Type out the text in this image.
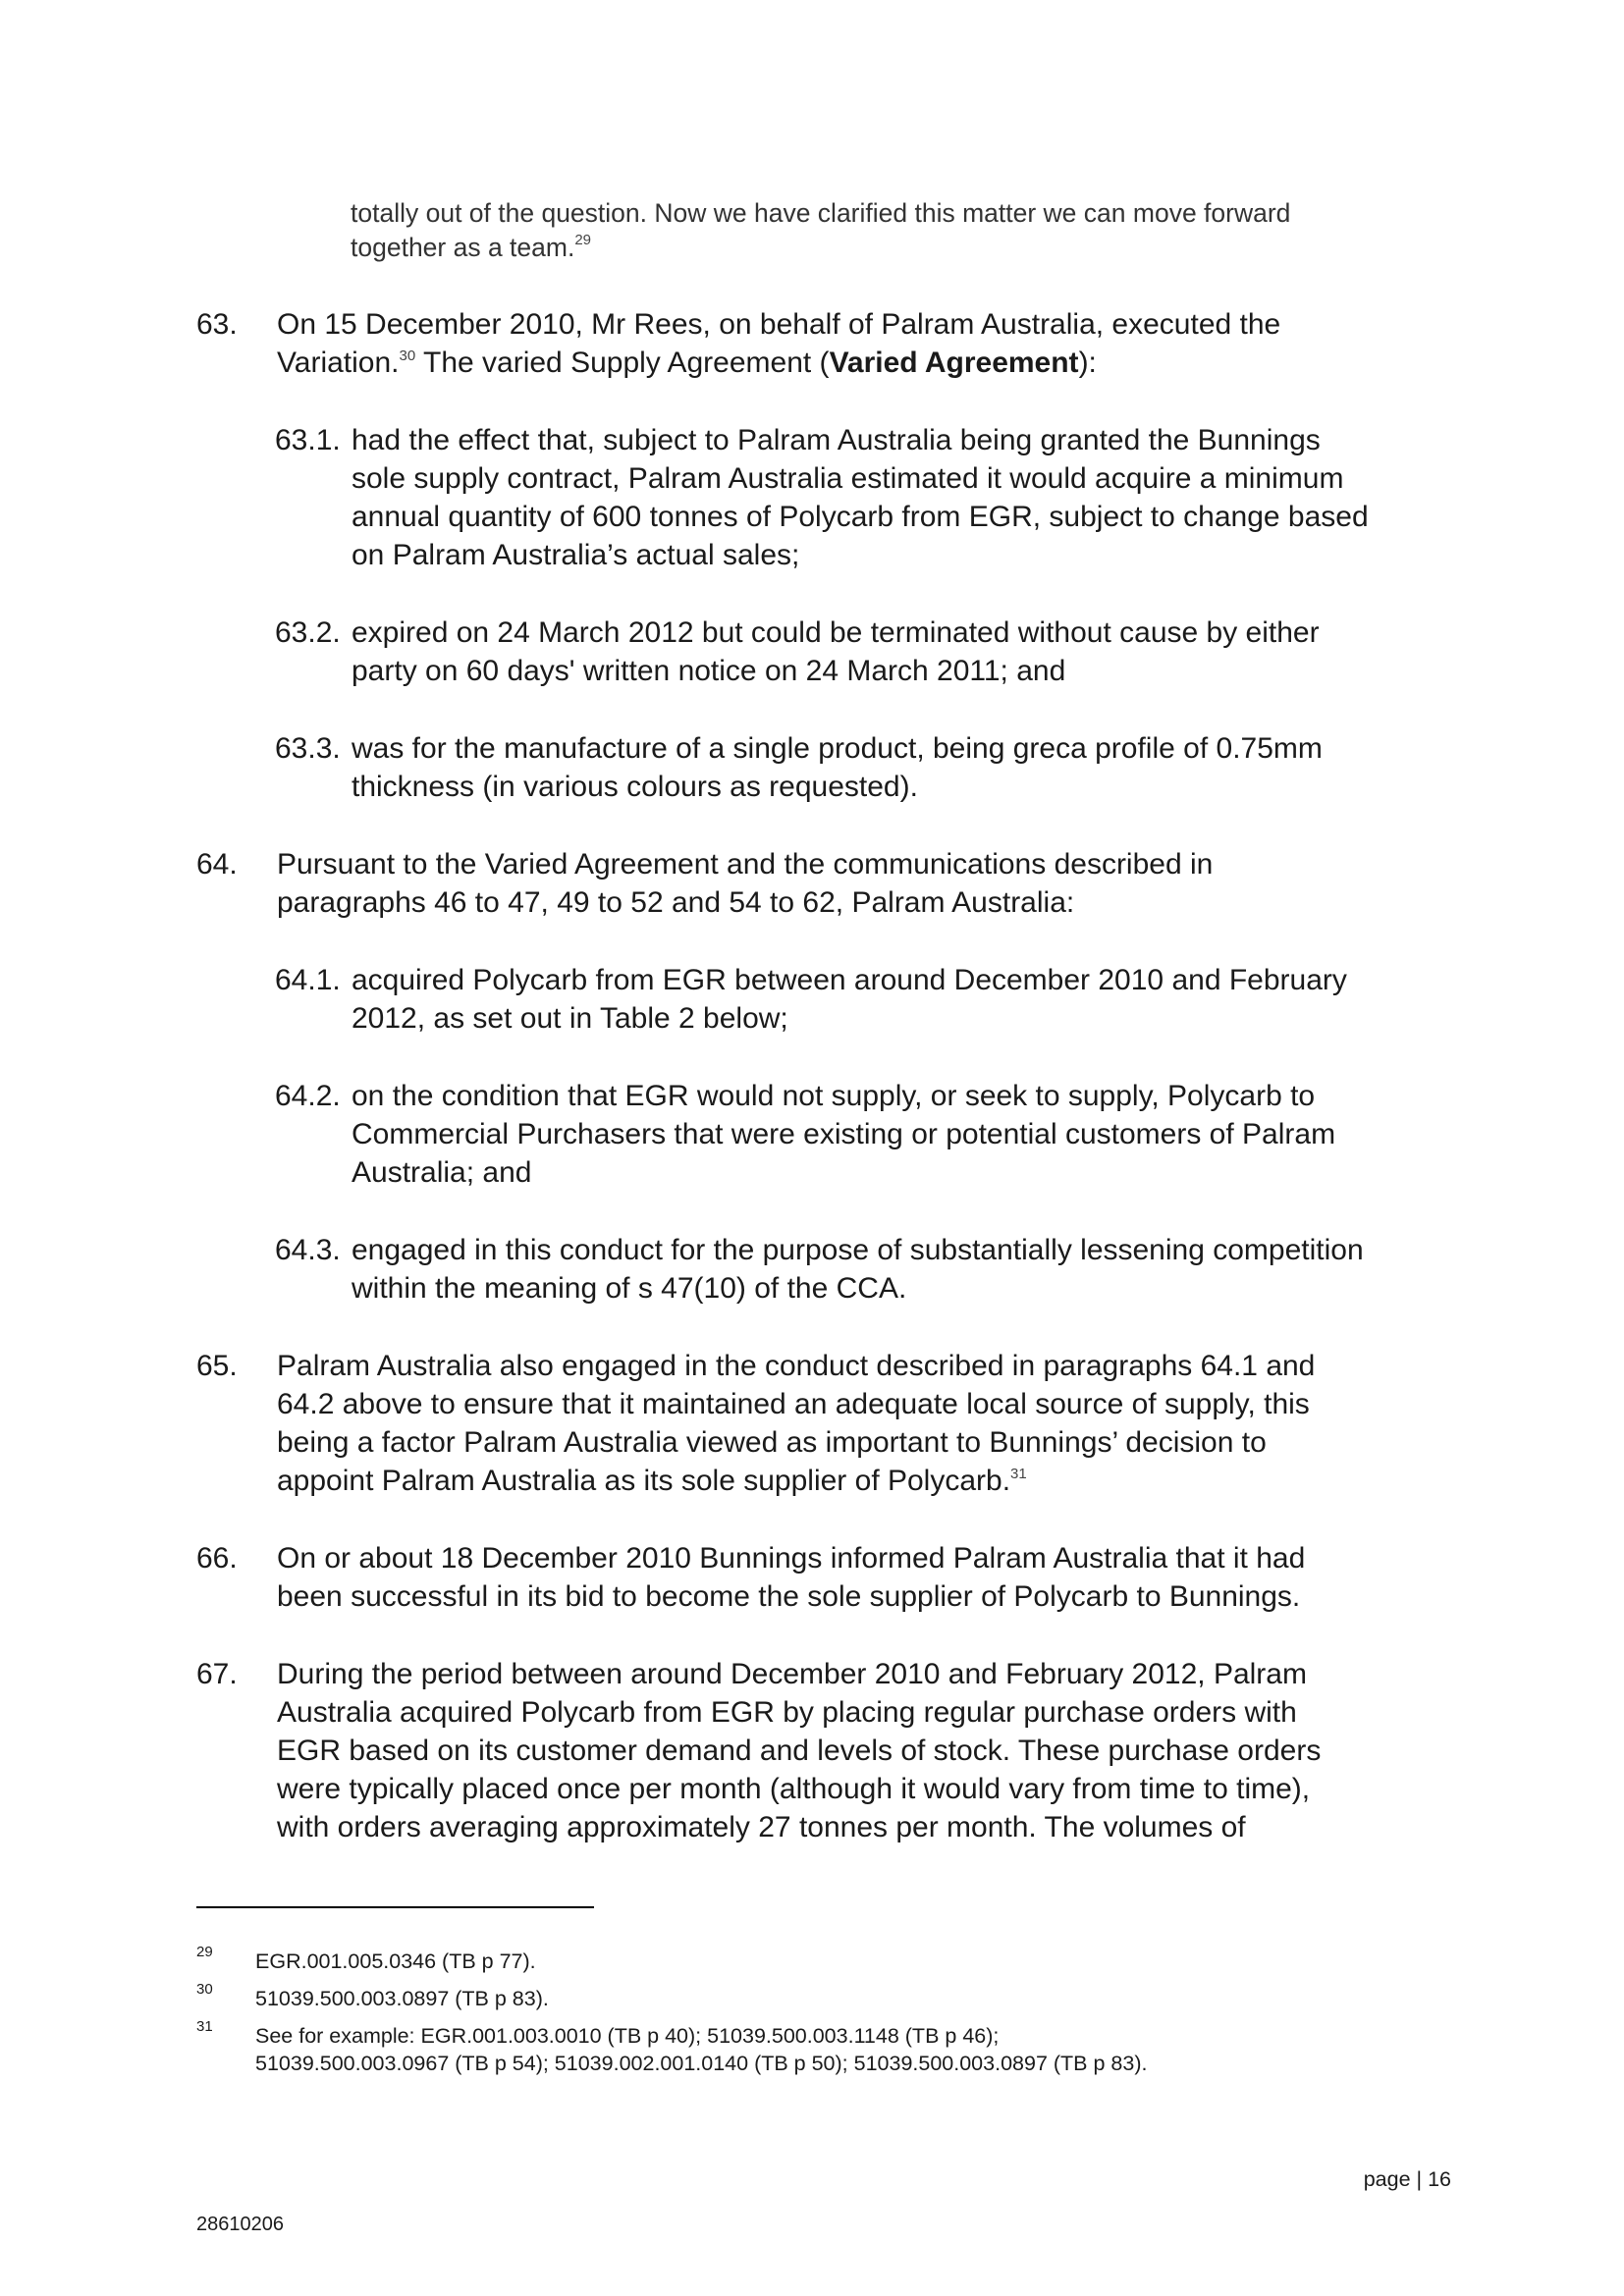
totally out of the question. Now we have clarified this matter we can move forward
together as a team.$^{29}$
63.	On 15 December 2010, Mr Rees, on behalf of Palram Australia, executed the Variation.$^{30}$ The varied Supply Agreement (Varied Agreement):
63.1. had the effect that, subject to Palram Australia being granted the Bunnings sole supply contract, Palram Australia estimated it would acquire a minimum annual quantity of 600 tonnes of Polycarb from EGR, subject to change based on Palram Australia’s actual sales;
63.2. expired on 24 March 2012 but could be terminated without cause by either party on 60 days' written notice on 24 March 2011; and
63.3. was for the manufacture of a single product, being greca profile of 0.75mm thickness (in various colours as requested).
64.	Pursuant to the Varied Agreement and the communications described in paragraphs 46 to 47, 49 to 52 and 54 to 62, Palram Australia:
64.1. acquired Polycarb from EGR between around December 2010 and February 2012, as set out in Table 2 below;
64.2. on the condition that EGR would not supply, or seek to supply, Polycarb to Commercial Purchasers that were existing or potential customers of Palram Australia; and
64.3. engaged in this conduct for the purpose of substantially lessening competition within the meaning of s 47(10) of the CCA.
65.	Palram Australia also engaged in the conduct described in paragraphs 64.1 and 64.2 above to ensure that it maintained an adequate local source of supply, this being a factor Palram Australia viewed as important to Bunnings’ decision to appoint Palram Australia as its sole supplier of Polycarb.$^{31}$
66.	On or about 18 December 2010 Bunnings informed Palram Australia that it had been successful in its bid to become the sole supplier of Polycarb to Bunnings.
67.	During the period between around December 2010 and February 2012, Palram Australia acquired Polycarb from EGR by placing regular purchase orders with EGR based on its customer demand and levels of stock. These purchase orders were typically placed once per month (although it would vary from time to time), with orders averaging approximately 27 tonnes per month. The volumes of
29 EGR.001.005.0346 (TB p 77).
30 51039.500.003.0897 (TB p 83).
31 See for example: EGR.001.003.0010 (TB p 40); 51039.500.003.1148 (TB p 46);
51039.500.003.0967 (TB p 54); 51039.002.001.0140 (TB p 50); 51039.500.003.0897 (TB p 83).
page | 16
28610206
